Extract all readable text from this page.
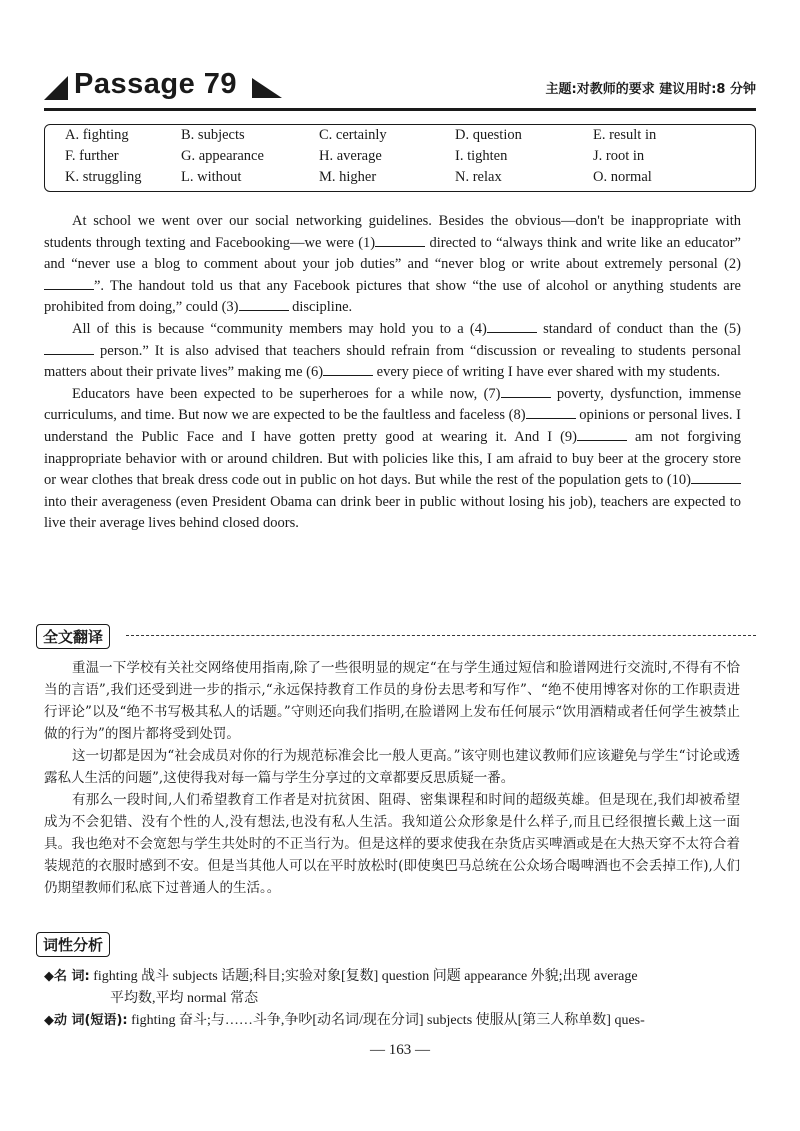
Passage 79	主题:对教师的要求 建议用时:8 分钟
A. fighting	B. subjects	C. certainly	D. question	E. result in
F. further	G. appearance	H. average	I. tighten	J. root in
K. struggling	L. without	M. higher	N. relax	O. normal

At school we went over our social networking guidelines. Besides the obvious—don't be inappropriate with students through texting and Facebooking—we were (1)	directed to “always think and write like an educator” and “never use a blog to comment about your job duties” and “never blog or write about extremely personal (2)”. The handout told us that any Facebook pictures that show “the use of alcohol or anything students are prohibited from doing,” could (3)	discipline.

All of this is because “community members may hold you to a (4)	standard of conduct than the (5) person.” It is also advised that teachers should refrain from “discussion or revealing to students personal matters about their private lives” making me (6)	every piece of writing I have ever shared with my students.

Educators have been expected to be superheroes for a while now, (7)	poverty, dysfunction, immense curriculums, and time. But now we are expected to be the faultless and faceless (8)	opinions or personal lives. I understand the Public Face and I have gotten pretty good at wearing it. And I (9)	am not forgiving inappropriate behavior with or around children. But with policies like this, I am afraid to buy beer at the grocery store or wear clothes that break dress code out in public on hot days. But while the rest of the population gets to (10) into their averageness (even President Obama can drink beer in public without losing his job), teachers are expected to live their average lives behind closed doors.

全文翻译

重温一下学校有关社交网络使用指南,除了一些很明显的规定“在与学生通过短信和脸谱网进行交流时,不得有不恰当的言语”,我们还受到进一步的指示,“永远保持教育工作员的身份去思考和写作”、“绝不使用博客对你的工作职责进行评论”以及“绝不书写极其私人的话题。”守则还向我们指明,在脸谱网上发布任何展示“饮用酒精或者任何学生被禁止做的行为”的图片都将受到处罚。

这一切都是因为“社会成员对你的行为规范标准会比一般人更高。”该守则也建议教师们应该避免与学生“讨论或透露私人生活的问题”,这使得我对每一篇与学生分享过的文章都要反思质疑一番。

有那么一段时间,人们希望教育工作者是对抗贫困、阻碍、密集课程和时间的超级英雄。但是现在,我们却被希望成为不会犯错、没有个性的人,没有想法,也没有私人生活。我知道公众形象是什么样子,而且已经很擅长戴上这一面具。我也绝对不会宽恕与学生共处时的不正当行为。但是这样的要求使我在杂货店买啤酒或是在大热天穿不太符合着装规范的衣服时感到不安。但是当其他人可以在平时放松时(即使奥巴马总统在公众场合喝啤酒也不会丢掉工作),人们仍期望教师们私底下过普通人的生活。。

词性分析
◆名 词: fighting 战斗 subjects 话题;科目;实验对象[复数] question 问题 appearance 外貌;出现 average
平均数,平均 normal 常态
◆动 词(短语): fighting 奋斗;与……斗争,争吵[动名词/现在分词] subjects 使服从[第三人称单数] ques-
— 163 —
